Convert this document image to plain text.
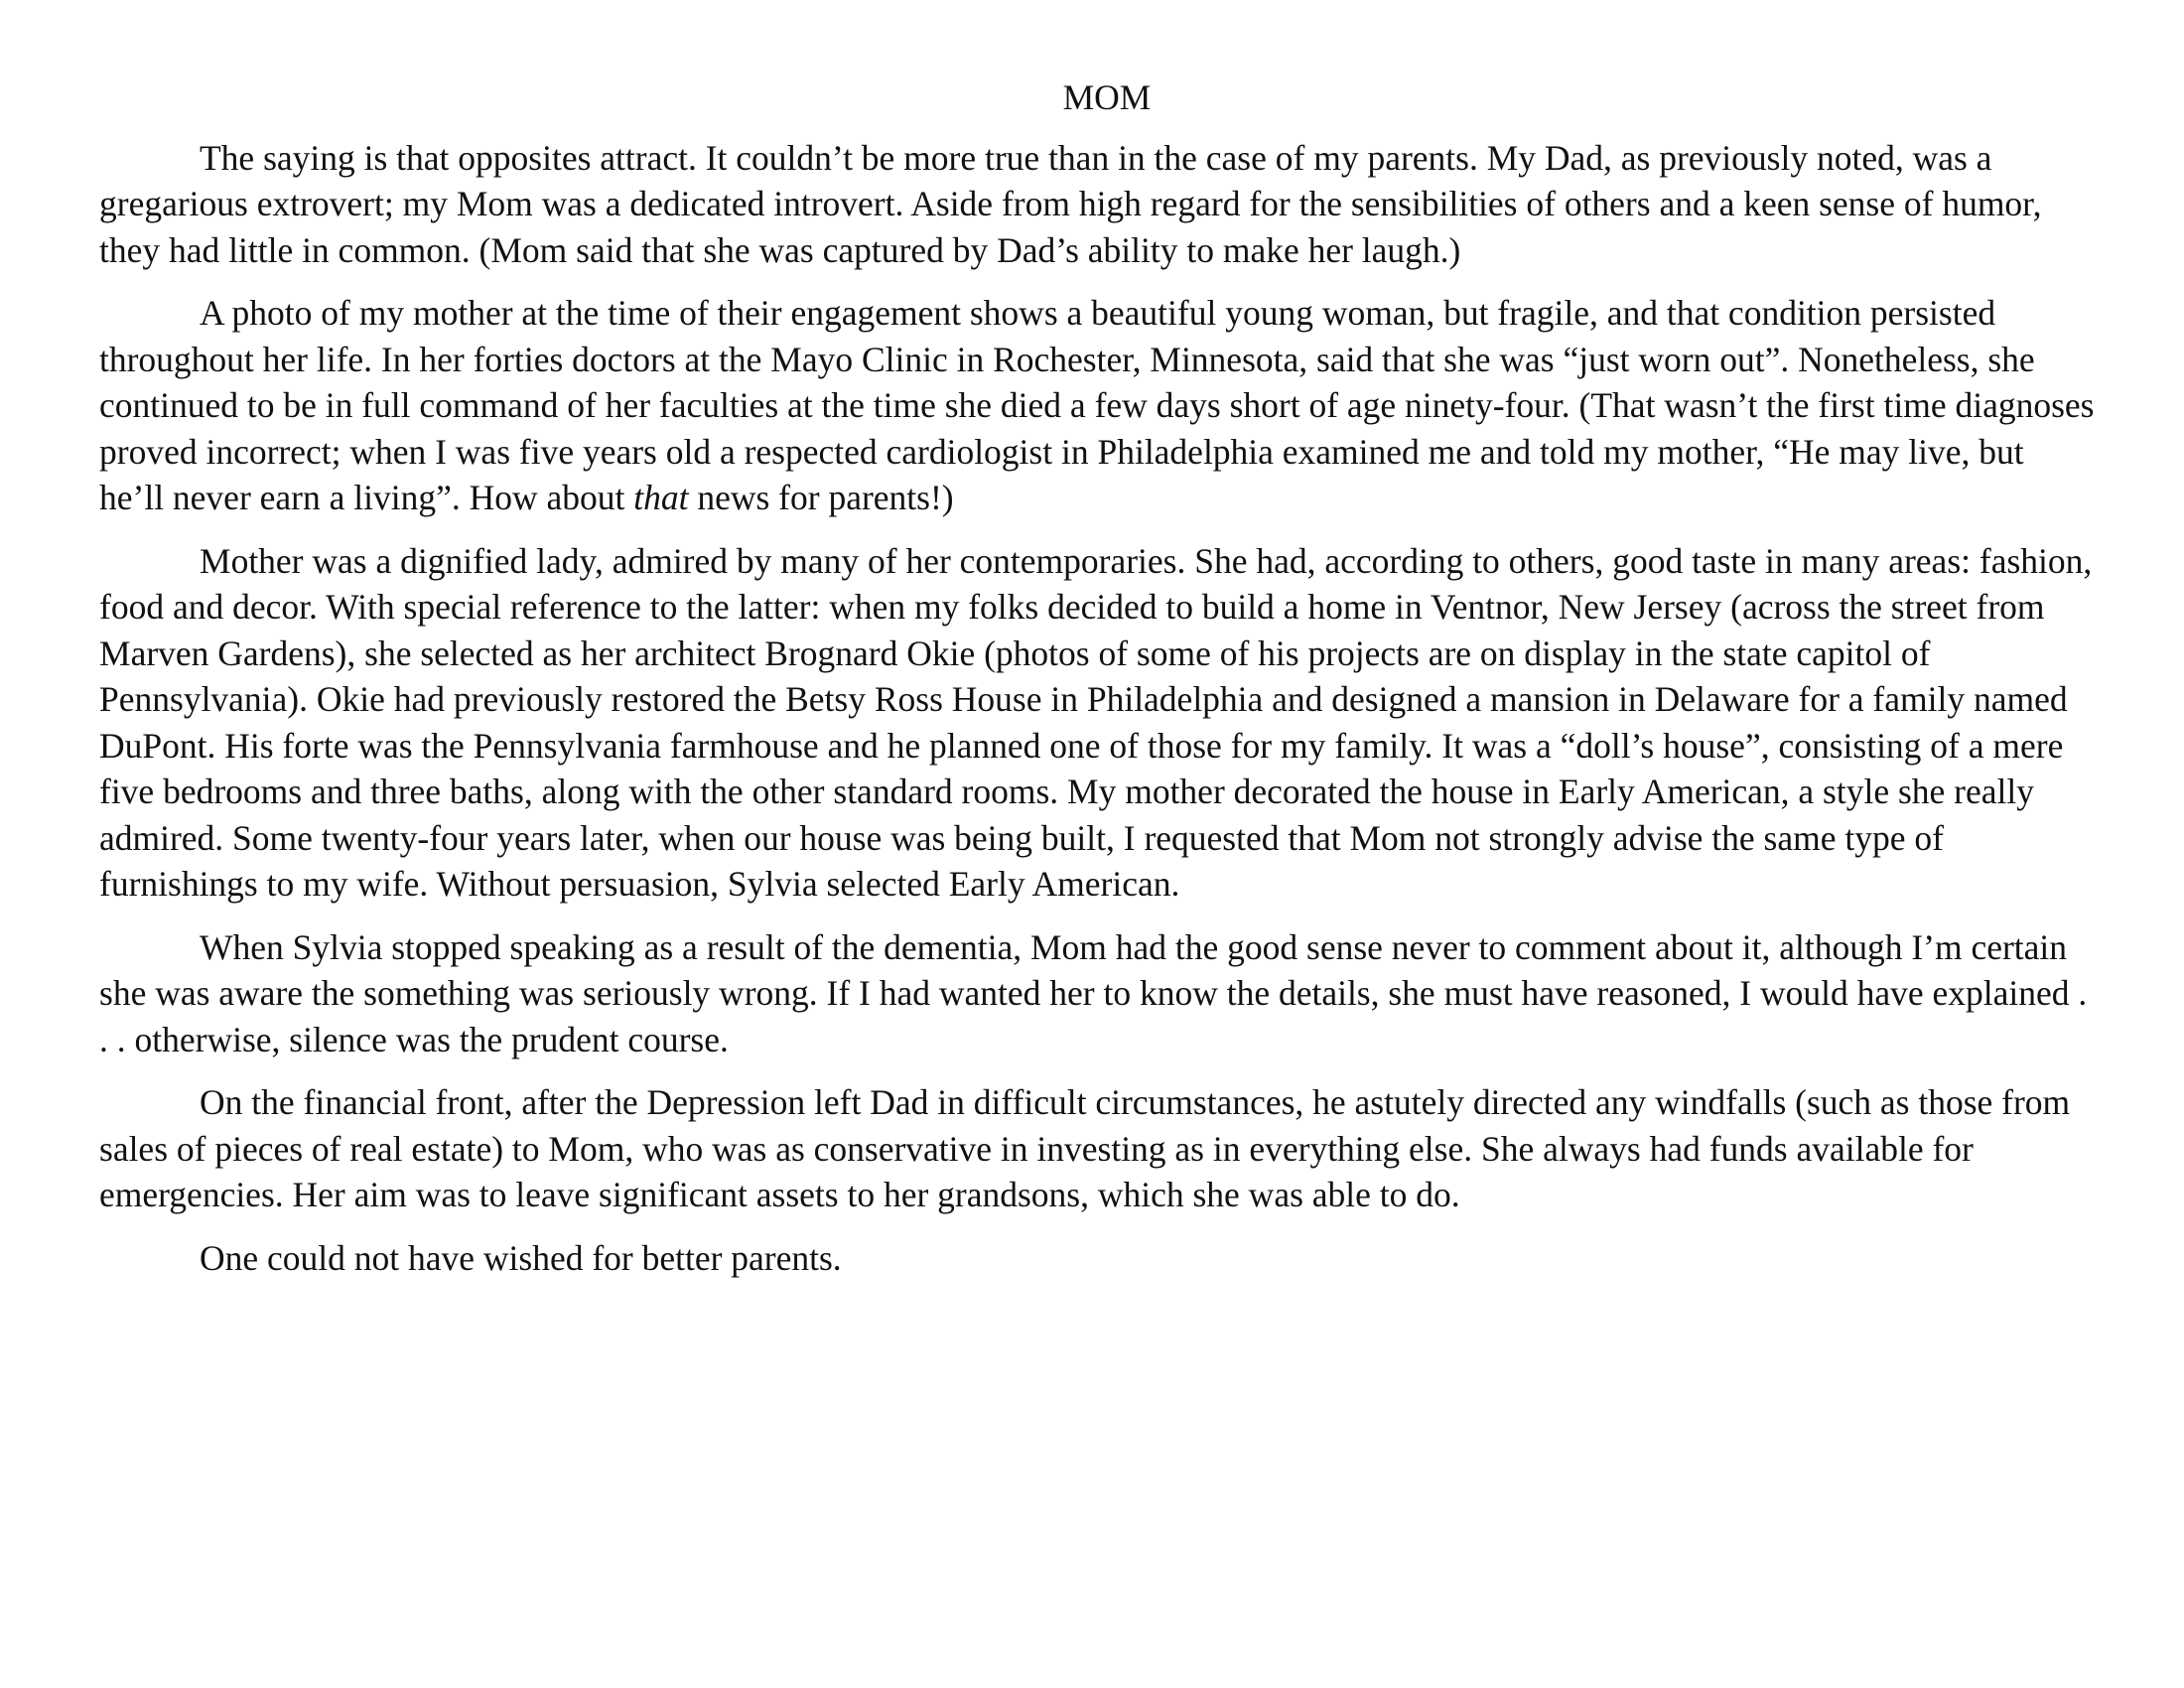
MOM

The saying is that opposites attract. It couldn’t be more true than in the case of my parents. My Dad, as previously noted, was a gregarious extrovert; my Mom was a dedicated introvert. Aside from high regard for the sensibilities of others and a keen sense of humor, they had little in common. (Mom said that she was captured by Dad’s ability to make her laugh.)

A photo of my mother at the time of their engagement shows a beautiful young woman, but fragile, and that condition persisted throughout her life. In her forties doctors at the Mayo Clinic in Rochester, Minnesota, said that she was “just worn out”. Nonetheless, she continued to be in full command of her faculties at the time she died a few days short of age ninety-four. (That wasn’t the first time diagnoses proved incorrect; when I was five years old a respected cardiologist in Philadelphia examined me and told my mother, “He may live, but he’ll never earn a living”. How about that news for parents!)

Mother was a dignified lady, admired by many of her contemporaries. She had, according to others, good taste in many areas: fashion, food and decor. With special reference to the latter: when my folks decided to build a home in Ventnor, New Jersey (across the street from Marven Gardens), she selected as her architect Brognard Okie (photos of some of his projects are on display in the state capitol of Pennsylvania). Okie had previously restored the Betsy Ross House in Philadelphia and designed a mansion in Delaware for a family named DuPont. His forte was the Pennsylvania farmhouse and he planned one of those for my family. It was a “doll’s house”, consisting of a mere five bedrooms and three baths, along with the other standard rooms. My mother decorated the house in Early American, a style she really admired. Some twenty-four years later, when our house was being built, I requested that Mom not strongly advise the same type of furnishings to my wife. Without persuasion, Sylvia selected Early American.

When Sylvia stopped speaking as a result of the dementia, Mom had the good sense never to comment about it, although I’m certain she was aware the something was seriously wrong. If I had wanted her to know the details, she must have reasoned, I would have explained . . . otherwise, silence was the prudent course.

On the financial front, after the Depression left Dad in difficult circumstances, he astutely directed any windfalls (such as those from sales of pieces of real estate) to Mom, who was as conservative in investing as in everything else. She always had funds available for emergencies. Her aim was to leave significant assets to her grandsons, which she was able to do.

One could not have wished for better parents.
